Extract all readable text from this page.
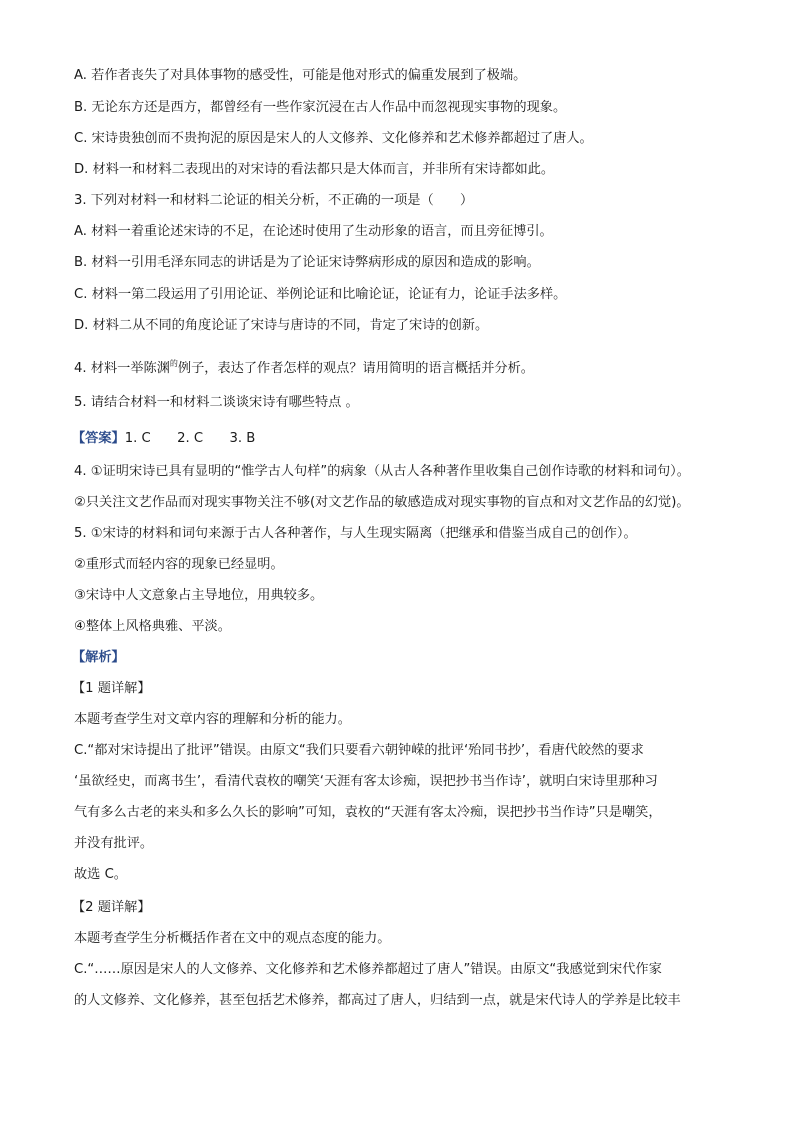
A. 若作者丧失了对具体事物的感受性，可能是他对形式的偏重发展到了极端。
B. 无论东方还是西方，都曾经有一些作家沉浸在古人作品中而忽视现实事物的现象。
C. 宋诗贵独创而不贵拘泥的原因是宋人的人文修养、文化修养和艺术修养都超过了唐人。
D. 材料一和材料二表现出的对宋诗的看法都只是大体而言，并非所有宋诗都如此。
3. 下列对材料一和材料二论证的相关分析，不正确的一项是（　　）
A. 材料一着重论述宋诗的不足，在论述时使用了生动形象的语言，而且旁征博引。
B. 材料一引用毛泽东同志的讲话是为了论证宋诗弊病形成的原因和造成的影响。
C. 材料一第二段运用了引用论证、举例论证和比喻论证，论证有力，论证手法多样。
D. 材料二从不同的角度论证了宋诗与唐诗的不同，肯定了宋诗的创新。
4. 材料一举陈渊$^的$例子，表达了作者怎样的观点？请用简明的语言概括并分析。
5. 请结合材料一和材料二谈谈宋诗有哪些特点 。
【答案】1. C　　2. C　　3. B
4. ①证明宋诗已具有显明的“惟学古人句样”的病象（从古人各种著作里收集自己创作诗歌的材料和词句）。
②只关注文艺作品而对现实事物关注不够(对文艺作品的敏感造成对现实事物的盲点和对文艺作品的幻觉)。
5. ①宋诗的材料和词句来源于古人各种著作，与人生现实隔离（把继承和借鉴当成自己的创作）。
②重形式而轻内容的现象已经显明。
③宋诗中人文意象占主导地位，用典较多。
④整体上风格典雅、平淡。
【解析】
【1 题详解】
本题考查学生对文章内容的理解和分析的能力。
C.“都对宋诗提出了批评”错误。由原文“我们只要看六朝钟嵘的批评‘殆同书抄’，看唐代皎然的要求
‘虽欲经史，而离书生’，看清代袁枚的嘲笑‘天涯有客太诊痴，误把抄书当作诗’，就明白宋诗里那种习
气有多么古老的来头和多么久长的影响”可知，袁枚的“天涯有客太冷痴，误把抄书当作诗”只是嘲笑，
并没有批评。
故选 C。
【2 题详解】
本题考查学生分析概括作者在文中的观点态度的能力。
C.“……原因是宋人的人文修养、文化修养和艺术修养都超过了唐人”错误。由原文“我感觉到宋代作家
的人文修养、文化修养，甚至包括艺术修养，都高过了唐人，归结到一点，就是宋代诗人的学养是比较丰
